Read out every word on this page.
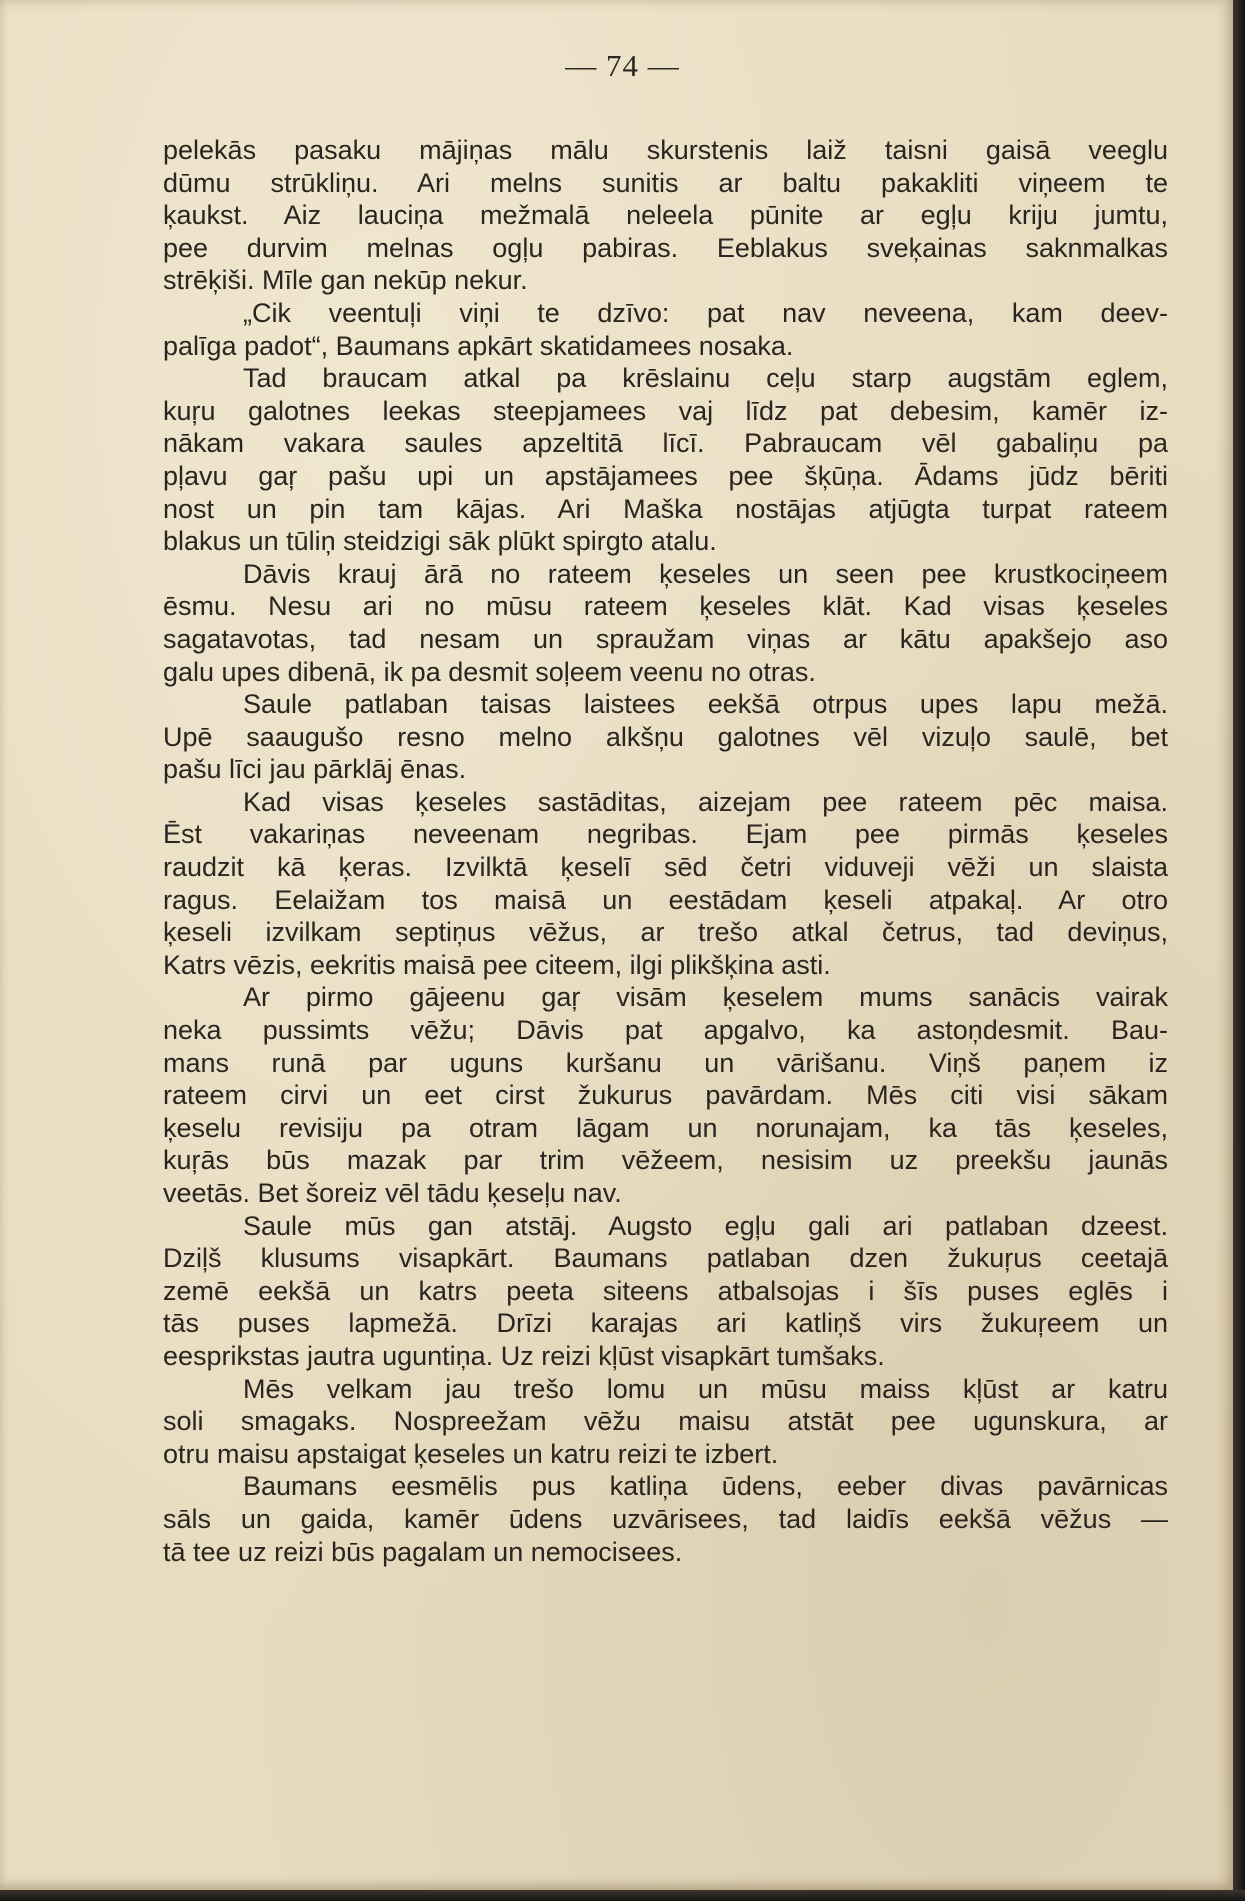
— 74 —
pelekās pasaku mājiņas mālu skurstenis laiž taisni gaisā veeglu
dūmu strūkliņu. Ari melns sunitis ar baltu pakakliti viņeem te
ķaukst. Aiz lauciņa mežmalā neleela pūnite ar egļu kriju jumtu,
pee durvim melnas ogļu pabiras. Eeblakus sveķainas saknmalkas
strēķiši. Mīle gan nekūp nekur.
„Cik veentuļi viņi te dzīvo: pat nav neveena, kam deev-
palīga padot“, Baumans apkārt skatidamees nosaka.
Tad braucam atkal pa krēslainu ceļu starp augstām eglem,
kuŗu galotnes leekas steepjamees vaj līdz pat debesim, kamēr iz-
nākam vakara saules apzeltitā līcī. Pabraucam vēl gabaliņu pa
pļavu gaŗ pašu upi un apstājamees pee šķūņa. Ādams jūdz bēriti
nost un pin tam kājas. Ari Maška nostājas atjūgta turpat rateem
blakus un tūliņ steidzigi sāk plūkt spirgto atalu.
Dāvis krauj ārā no rateem ķeseles un seen pee krustkociņeem
ēsmu. Nesu ari no mūsu rateem ķeseles klāt. Kad visas ķeseles
sagatavotas, tad nesam un spraužam viņas ar kātu apakšejo aso
galu upes dibenā, ik pa desmit soļeem veenu no otras.
Saule patlaban taisas laistees eekšā otrpus upes lapu mežā.
Upē saaugušo resno melno alkšņu galotnes vēl vizuļo saulē, bet
pašu līci jau pārklāj ēnas.
Kad visas ķeseles sastāditas, aizejam pee rateem pēc maisa.
Ēst vakariņas neveenam negribas. Ejam pee pirmās ķeseles
raudzit kā ķeras. Izvilktā ķeselī sēd četri viduveji vēži un slaista
ragus. Eelaižam tos maisā un eestādam ķeseli atpakaļ. Ar otro
ķeseli izvilkam septiņus vēžus, ar trešo atkal četrus, tad deviņus,
Katrs vēzis, eekritis maisā pee citeem, ilgi plikšķina asti.
Ar pirmo gājeenu gaŗ visām ķeselem mums sanācis vairak
neka pussimts vēžu; Dāvis pat apgalvo, ka astoņdesmit. Bau-
mans runā par uguns kuršanu un vārišanu. Viņš paņem iz
rateem cirvi un eet cirst žukurus pavārdam. Mēs citi visi sākam
ķeselu revisiju pa otram lāgam un norunajam, ka tās ķeseles,
kuŗās būs mazak par trim vēžeem, nesisim uz preekšu jaunās
veetās. Bet šoreiz vēl tādu ķeseļu nav.
Saule mūs gan atstāj. Augsto egļu gali ari patlaban dzeest.
Dziļš klusums visapkārt. Baumans patlaban dzen žukuŗus ceetajā
zemē eekšā un katrs peeta siteens atbalsojas i šīs puses eglēs i
tās puses lapmežā. Drīzi karajas ari katliņš virs žukuŗeem un
eesprikstas jautra uguntiņa. Uz reizi kļūst visapkārt tumšaks.
Mēs velkam jau trešo lomu un mūsu maiss kļūst ar katru
soli smagaks. Nospreežam vēžu maisu atstāt pee ugunskura, ar
otru maisu apstaigat ķeseles un katru reizi te izbert.
Baumans eesmēlis pus katliņa ūdens, eeber divas pavārnicas
sāls un gaida, kamēr ūdens uzvārisees, tad laidīs eekšā vēžus —
tā tee uz reizi būs pagalam un nemocisees.
